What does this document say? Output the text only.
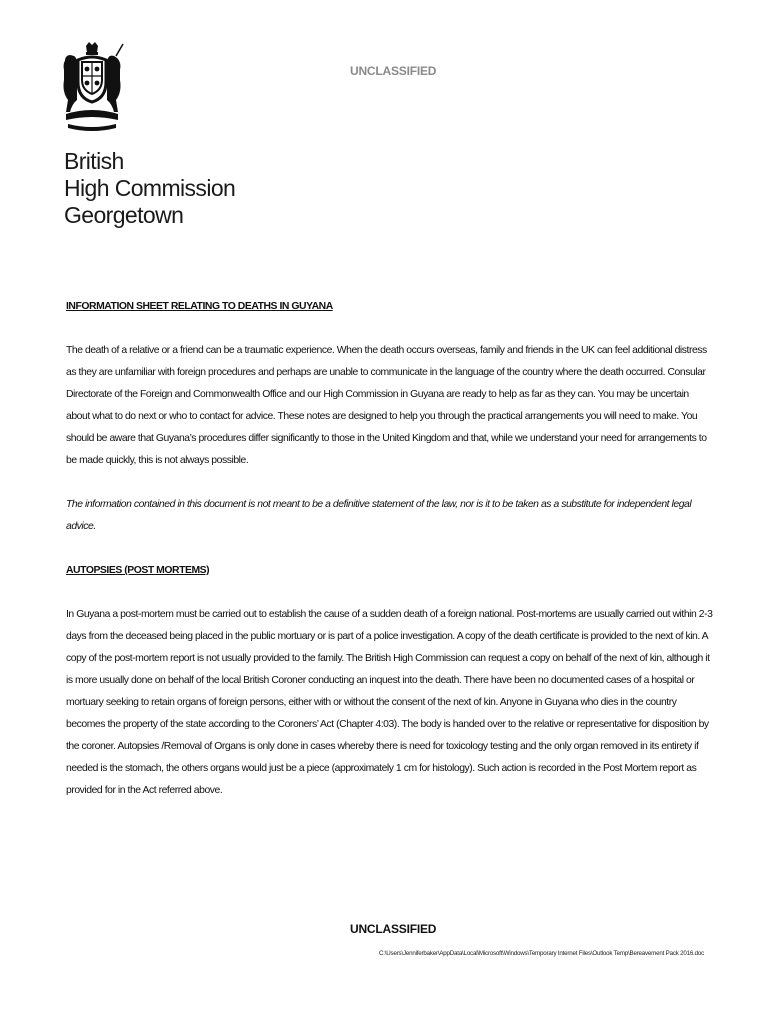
British
High Commission
Georgetown
UNCLASSIFIED

INFORMATION SHEET RELATING TO DEATHS IN GUYANA

The death of a relative or a friend can be a traumatic experience. When the death occurs overseas, family and friends in the UK can feel additional distress as they are unfamiliar with foreign procedures and perhaps are unable to communicate in the language of the country where the death occurred. Consular Directorate of the Foreign and Commonwealth Office and our High Commission in Guyana are ready to help as far as they can. You may be uncertain about what to do next or who to contact for advice. These notes are designed to help you through the practical arrangements you will need to make. You should be aware that Guyana’s procedures differ significantly to those in the United Kingdom and that, while we understand your need for arrangements to be made quickly, this is not always possible.

The information contained in this document is not meant to be a definitive statement of the law, nor is it to be taken as a substitute for independent legal advice.

AUTOPSIES (POST MORTEMS)

In Guyana a post-mortem must be carried out to establish the cause of a sudden death of a foreign national. Post-mortems are usually carried out within 2-3 days from the deceased being placed in the public mortuary or is part of a police investigation. A copy of the death certificate is provided to the next of kin. A copy of the post-mortem report is not usually provided to the family. The British High Commission can request a copy on behalf of the next of kin, although it is more usually done on behalf of the local British Coroner conducting an inquest into the death. There have been no documented cases of a hospital or mortuary seeking to retain organs of foreign persons, either with or without the consent of the next of kin. Anyone in Guyana who dies in the country becomes the property of the state according to the Coroners’ Act (Chapter 4:03). The body is handed over to the relative or representative for disposition by the coroner. Autopsies /Removal of Organs is only done in cases whereby there is need for toxicology testing and the only organ removed in its entirety if needed is the stomach, the others organs would just be a piece (approximately 1 cm for histology). Such action is recorded in the Post Mortem report as provided for in the Act referred above.

UNCLASSIFIED
C:\Users\Jenniferbaker\AppData\Local\Microsoft\Windows\Temporary Internet Files\Outlook Temp\Bereavement Pack 2016.doc
